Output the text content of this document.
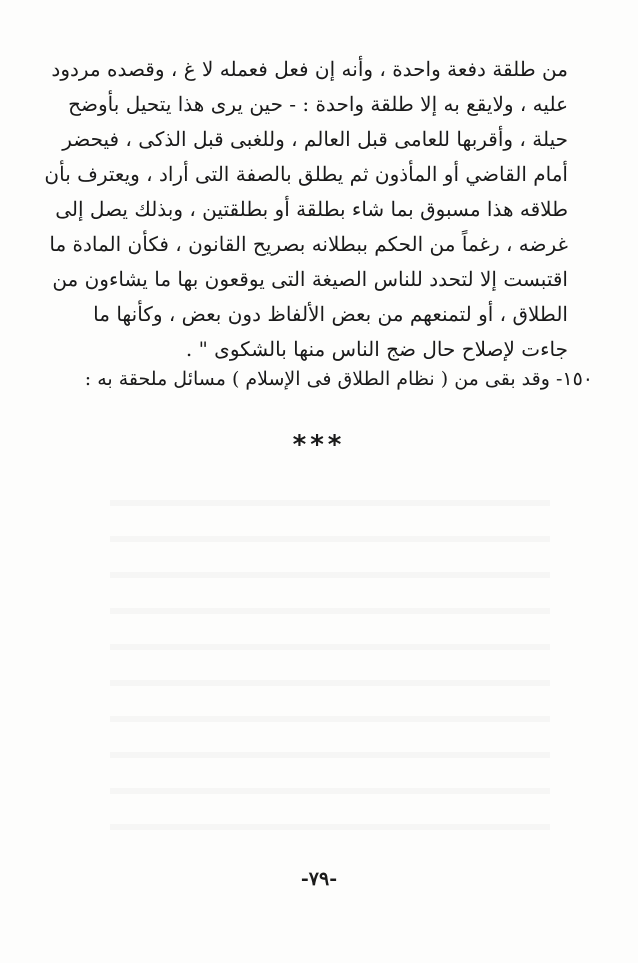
من طلقة دفعة واحدة ، وأنه إن فعل فعمله لا غ ، وقصده مردود
عليه ، ولايقع به إلا طلقة واحدة : - حين يرى هذا يتحيل بأوضح
حيلة ، وأقربها للعامى قبل العالم ، وللغبى قبل الذكى ، فيحضر
أمام القاضي أو المأذون ثم يطلق بالصفة التى أراد ، ويعترف بأن
طلاقه هذا مسبوق بما شاء بطلقة أو بطلقتين ، وبذلك يصل إلى
غرضه ، رغماً من الحكم ببطلانه بصريح القانون ، فكأن المادة ما
اقتبست إلا لتحدد للناس الصيغة التى يوقعون بها ما يشاءون من
الطلاق ، أو لتمنعهم من بعض الألفاظ دون بعض ، وكأنها ما
جاءت لإصلاح حال ضج الناس منها بالشكوى " .
١٥٠- وقد بقى من ( نظام الطلاق فى الإسلام ) مسائل ملحقة به :
***
-٧٩-
